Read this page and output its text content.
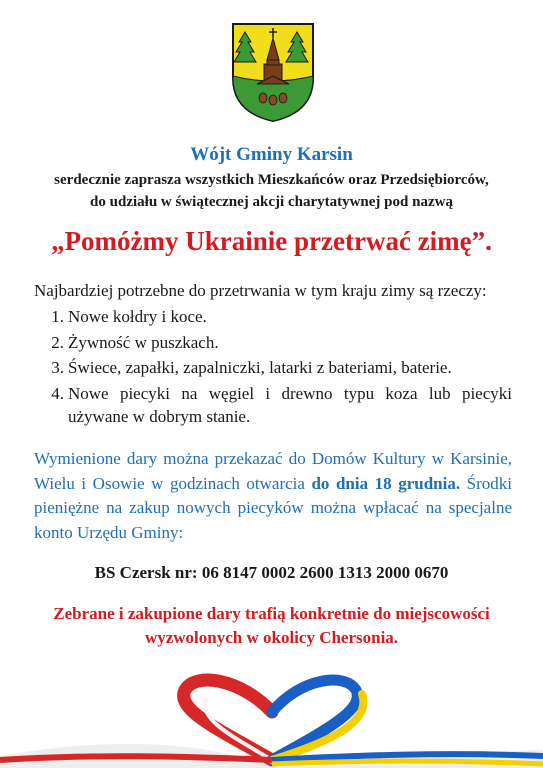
Wójt Gminy Karsin
serdecznie zaprasza wszystkich Mieszkańców oraz Przedsiębiorców,
do udziału w świątecznej akcji charytatywnej pod nazwą
„Pomóżmy Ukrainie przetrwać zimę”.
Najbardziej potrzebne do przetrwania w tym kraju zimy są rzeczy:
1. Nowe kołdry i koce.
2. Żywność w puszkach.
3. Świece, zapałki, zapalniczki, latarki z bateriami, baterie.
4. Nowe piecyki na węgiel i drewno typu koza lub piecyki używane w dobrym stanie.
Wymienione dary można przekazać do Domów Kultury w Karsinie, Wielu i Osowie w godzinach otwarcia do dnia 18 grudnia. Środki pieniężne na zakup nowych piecyków można wpłacać na specjalne konto Urzędu Gminy:
BS Czersk nr: 06 8147 0002 2600 1313 2000 0670
Zebrane i zakupione dary trafią konkretnie do miejscowości
wyzwolonych w okolicy Chersonia.
